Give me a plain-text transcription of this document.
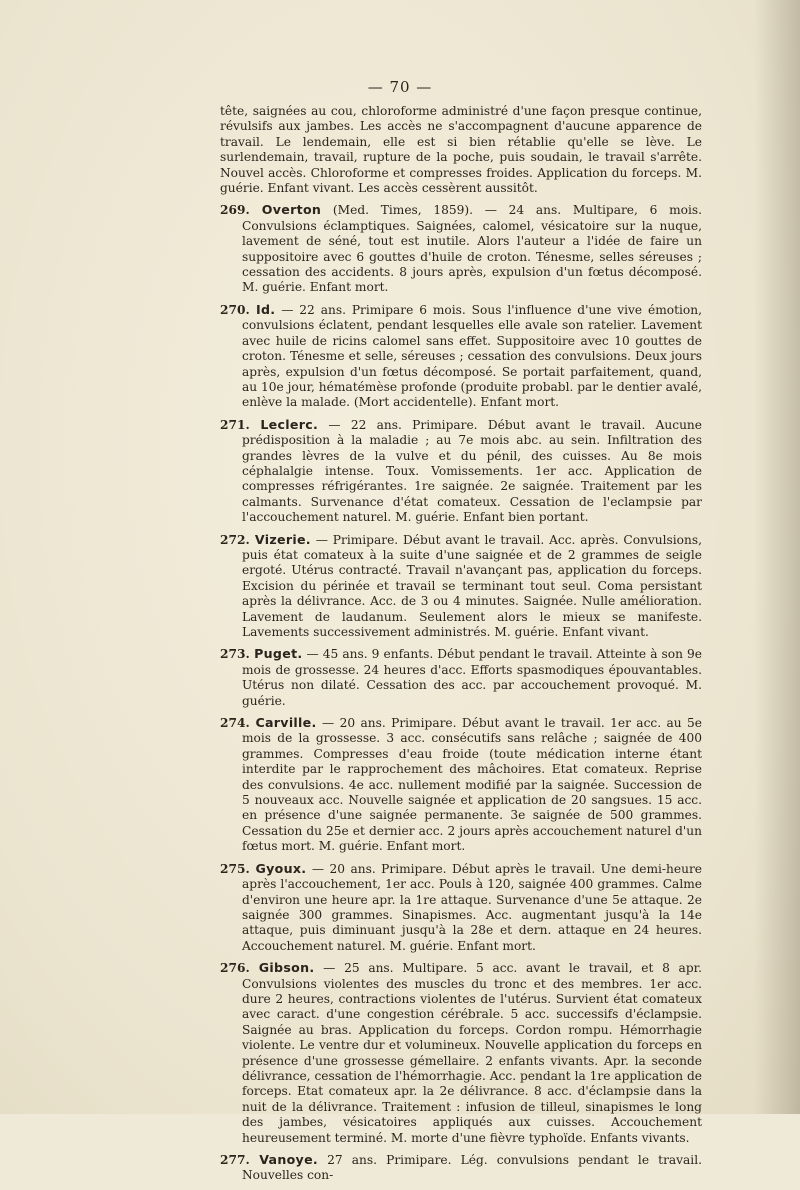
— 70 —

tête, saignées au cou, chloroforme administré d'une façon presque continue, révulsifs aux jambes. Les accès ne s'accompagnent d'aucune apparence de travail. Le lendemain, elle est si bien rétablie qu'elle se lève. Le surlendemain, travail, rupture de la poche, puis soudain, le travail s'arrête. Nouvel accès. Chloroforme et compresses froides. Application du forceps. M. guérie. Enfant vivant. Les accès cessèrent aussitôt.

269. Overton (Med. Times, 1859). — 24 ans. Multipare, 6 mois. Convulsions éclamptiques. Saignées, calomel, vésicatoire sur la nuque, lavement de séné, tout est inutile. Alors l'auteur a l'idée de faire un suppositoire avec 6 gouttes d'huile de croton. Ténesme, selles séreuses ; cessation des accidents. 8 jours après, expulsion d'un fœtus décomposé. M. guérie. Enfant mort.

270. Id. — 22 ans. Primipare 6 mois. Sous l'influence d'une vive émotion, convulsions éclatent, pendant lesquelles elle avale son ratelier. Lavement avec huile de ricins calomel sans effet. Suppositoire avec 10 gouttes de croton. Ténesme et selle, séreuses ; cessation des convulsions. Deux jours après, expulsion d'un fœtus décomposé. Se portait parfaitement, quand, au 10e jour, hématémèse profonde (produite probabl. par le dentier avalé, enlève la malade. (Mort accidentelle). Enfant mort.

271. Leclerc. — 22 ans. Primipare. Début avant le travail. Aucune prédisposition à la maladie ; au 7e mois abc. au sein. Infiltration des grandes lèvres de la vulve et du pénil, des cuisses. Au 8e mois céphalalgie intense. Toux. Vomissements. 1er acc. Application de compresses réfrigérantes. 1re saignée. 2e saignée. Traitement par les calmants. Survenance d'état comateux. Cessation de l'eclampsie par l'accouchement naturel. M. guérie. Enfant bien portant.

272. Vizerie. — Primipare. Début avant le travail. Acc. après. Convulsions, puis état comateux à la suite d'une saignée et de 2 grammes de seigle ergoté. Utérus contracté. Travail n'avançant pas, application du forceps. Excision du périnée et travail se terminant tout seul. Coma persistant après la délivrance. Acc. de 3 ou 4 minutes. Saignée. Nulle amélioration. Lavement de laudanum. Seulement alors le mieux se manifeste. Lavements successivement administrés. M. guérie. Enfant vivant.

273. Puget. — 45 ans. 9 enfants. Début pendant le travail. Atteinte à son 9e mois de grossesse. 24 heures d'acc. Efforts spasmodiques épouvantables. Utérus non dilaté. Cessation des acc. par accouchement provoqué. M. guérie.

274. Carville. — 20 ans. Primipare. Début avant le travail. 1er acc. au 5e mois de la grossesse. 3 acc. consécutifs sans relâche ; saignée de 400 grammes. Compresses d'eau froide (toute médication interne étant interdite par le rapprochement des mâchoires. Etat comateux. Reprise des convulsions. 4e acc. nullement modifié par la saignée. Succession de 5 nouveaux acc. Nouvelle saignée et application de 20 sangsues. 15 acc. en présence d'une saignée permanente. 3e saignée de 500 grammes. Cessation du 25e et dernier acc. 2 jours après accouchement naturel d'un fœtus mort. M. guérie. Enfant mort.

275. Gyoux. — 20 ans. Primipare. Début après le travail. Une demi-heure après l'accouchement, 1er acc. Pouls à 120, saignée 400 grammes. Calme d'environ une heure apr. la 1re attaque. Survenance d'une 5e attaque. 2e saignée 300 grammes. Sinapismes. Acc. augmentant jusqu'à la 14e attaque, puis diminuant jusqu'à la 28e et dern. attaque en 24 heures. Accouchement naturel. M. guérie. Enfant mort.

276. Gibson. — 25 ans. Multipare. 5 acc. avant le travail, et 8 apr. Convulsions violentes des muscles du tronc et des membres. 1er acc. dure 2 heures, contractions violentes de l'utérus. Survient état comateux avec caract. d'une congestion cérébrale. 5 acc. successifs d'éclampsie. Saignée au bras. Application du forceps. Cordon rompu. Hémorrhagie violente. Le ventre dur et volumineux. Nouvelle application du forceps en présence d'une grossesse gémellaire. 2 enfants vivants. Apr. la seconde délivrance, cessation de l'hémorrhagie. Acc. pendant la 1re application de forceps. Etat comateux apr. la 2e délivrance. 8 acc. d'éclampsie dans la nuit de la délivrance. Traitement : infusion de tilleul, sinapismes le long des jambes, vésicatoires appliqués aux cuisses. Accouchement heureusement terminé. M. morte d'une fièvre typhoïde. Enfants vivants.

277. Vanoye. 27 ans. Primipare. Lég. convulsions pendant le travail. Nouvelles con-
